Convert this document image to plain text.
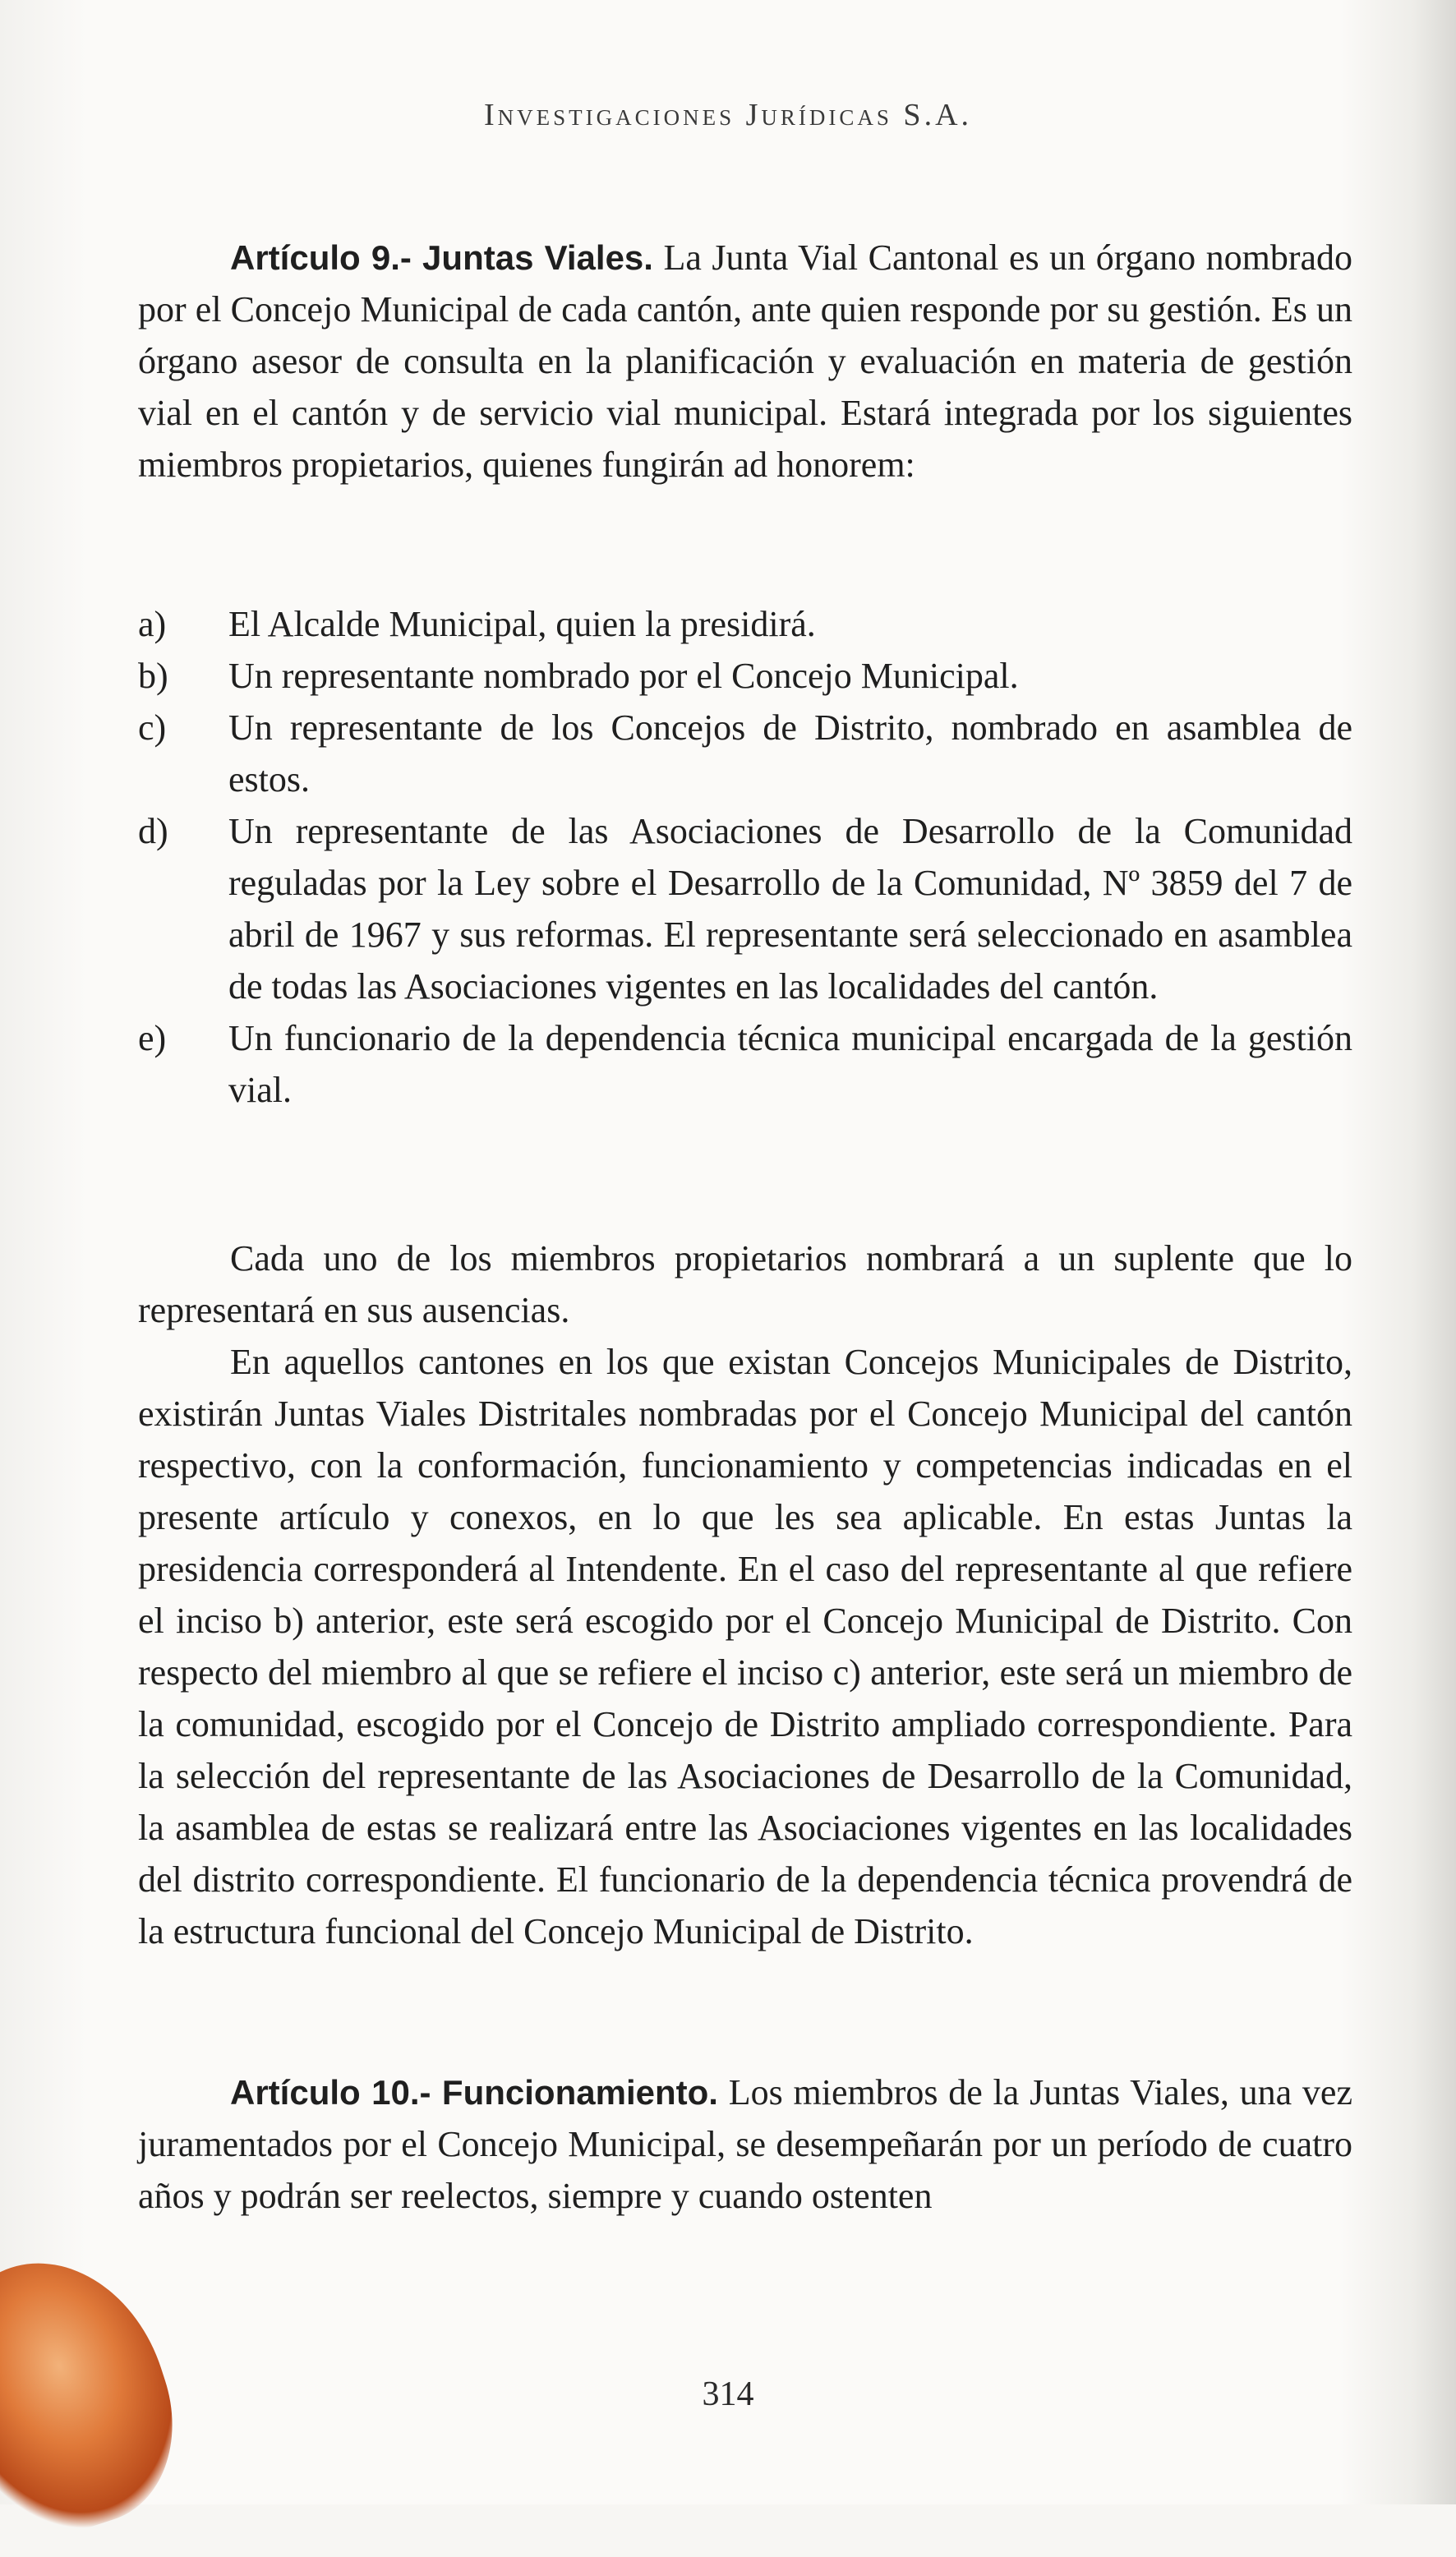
Investigaciones Jurídicas S.A.

Artículo 9.- Juntas Viales. La Junta Vial Cantonal es un órgano nombrado por el Concejo Municipal de cada cantón, ante quien responde por su gestión. Es un órgano asesor de consulta en la planificación y evaluación en materia de gestión vial en el cantón y de servicio vial municipal. Estará integrada por los siguientes miembros propietarios, quienes fungirán ad honorem:

a) El Alcalde Municipal, quien la presidirá.
b) Un representante nombrado por el Concejo Municipal.
c) Un representante de los Concejos de Distrito, nombrado en asamblea de estos.
d) Un representante de las Asociaciones de Desarrollo de la Comunidad reguladas por la Ley sobre el Desarrollo de la Comunidad, Nº 3859 del 7 de abril de 1967 y sus reformas. El representante será seleccionado en asamblea de todas las Asociaciones vigentes en las localidades del cantón.
e) Un funcionario de la dependencia técnica municipal encargada de la gestión vial.

Cada uno de los miembros propietarios nombrará a un suplente que lo representará en sus ausencias.

En aquellos cantones en los que existan Concejos Municipales de Distrito, existirán Juntas Viales Distritales nombradas por el Concejo Municipal del cantón respectivo, con la conformación, funcionamiento y competencias indicadas en el presente artículo y conexos, en lo que les sea aplicable. En estas Juntas la presidencia corresponderá al Intendente. En el caso del representante al que refiere el inciso b) anterior, este será escogido por el Concejo Municipal de Distrito. Con respecto del miembro al que se refiere el inciso c) anterior, este será un miembro de la comunidad, escogido por el Concejo de Distrito ampliado correspondiente. Para la selección del representante de las Asociaciones de Desarrollo de la Comunidad, la asamblea de estas se realizará entre las Asociaciones vigentes en las localidades del distrito correspondiente. El funcionario de la dependencia técnica provendrá de la estructura funcional del Concejo Municipal de Distrito.

Artículo 10.- Funcionamiento. Los miembros de la Juntas Viales, una vez juramentados por el Concejo Municipal, se desempeñarán por un período de cuatro años y podrán ser reelectos, siempre y cuando ostenten

314
